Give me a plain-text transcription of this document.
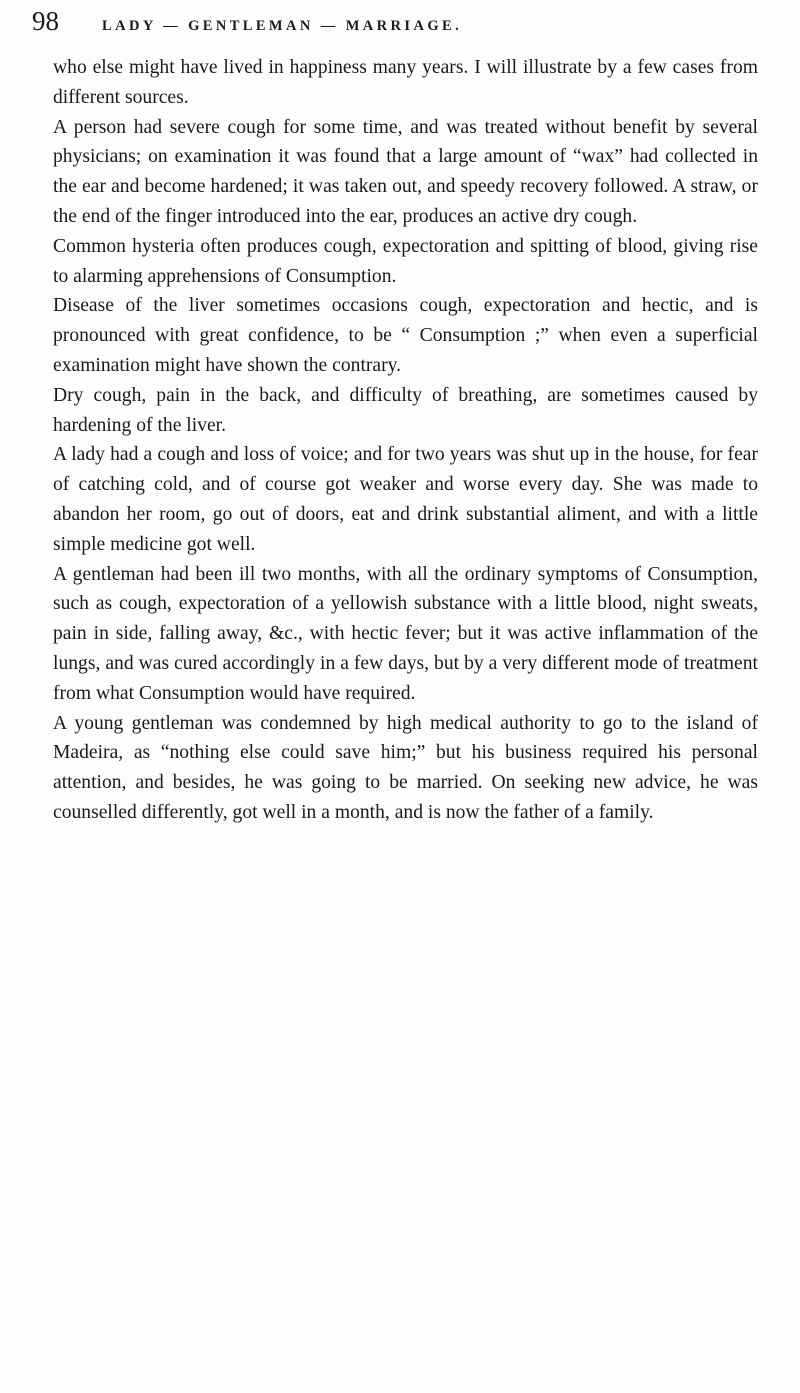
98	LADY — GENTLEMAN — MARRIAGE.

who else might have lived in happiness many years. I will illustrate by a few cases from different sources.

A person had severe cough for some time, and was treated without benefit by several physicians; on examination it was found that a large amount of “wax” had collected in the ear and become hardened; it was taken out, and speedy recovery followed. A straw, or the end of the finger introduced into the ear, produces an active dry cough.

Common hysteria often produces cough, expectoration and spitting of blood, giving rise to alarming apprehensions of Consumption.

Disease of the liver sometimes occasions cough, expectoration and hectic, and is pronounced with great confidence, to be “ Consumption ;” when even a superficial examination might have shown the contrary.

Dry cough, pain in the back, and difficulty of breathing, are sometimes caused by hardening of the liver.

A lady had a cough and loss of voice; and for two years was shut up in the house, for fear of catching cold, and of course got weaker and worse every day. She was made to abandon her room, go out of doors, eat and drink substantial aliment, and with a little simple medicine got well.

A gentleman had been ill two months, with all the ordinary symptoms of Consumption, such as cough, expectoration of a yellowish substance with a little blood, night sweats, pain in side, falling away, &c., with hectic fever; but it was active inflammation of the lungs, and was cured accordingly in a few days, but by a very different mode of treatment from what Consumption would have required.

A young gentleman was condemned by high medical authority to go to the island of Madeira, as “nothing else could save him;” but his business required his personal attention, and besides, he was going to be married. On seeking new advice, he was counselled differently, got well in a month, and is now the father of a family.
